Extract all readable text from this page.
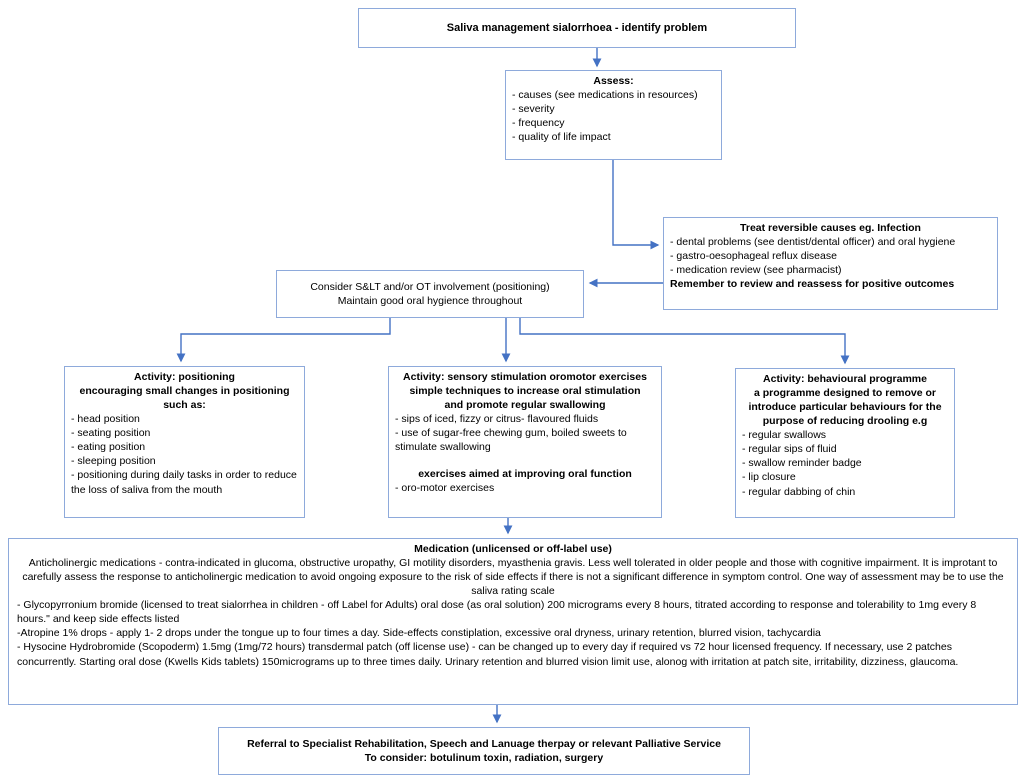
Saliva management sialorrhoea - identify problem
Assess:
- causes (see medications in resources)
- severity
- frequency
- quality of life impact
Treat reversible causes eg. Infection
- dental problems (see dentist/dental officer) and oral hygiene
- gastro-oesophageal reflux disease
- medication review (see pharmacist)
Remember to review and reassess for positive outcomes
Consider S&LT and/or OT involvement (positioning)
Maintain good oral hygience throughout
Activity: positioning
encouraging small changes in positioning
such as:
- head position
- seating position
- eating position
- sleeping position
- positioning during daily tasks in order to reduce the loss of saliva from the mouth
Activity: sensory stimulation oromotor exercises
simple techniques to increase oral stimulation
and promote regular swallowing
- sips of iced, fizzy or citrus- flavoured fluids
- use of sugar-free chewing gum, boiled sweets to stimulate swallowing
exercises aimed at improving oral function
- oro-motor exercises
Activity: behavioural programme
a programme designed to remove or
introduce particular behaviours for the
purpose of reducing drooling e.g
- regular swallows
- regular sips of fluid
- swallow reminder badge
- lip closure
- regular dabbing of chin
Medication (unlicensed or off-label use)
Anticholinergic medications - contra-indicated in glucoma, obstructive uropathy, GI motility disorders, myasthenia gravis. Less well tolerated in older people and those with cognitive impairment. It is improtant to carefully assess the response to anticholinergic medication to avoid ongoing exposure to the risk of side effects if there is not a significant difference in symptom control. One way of assessment may be to use the saliva rating scale
- Glycopyrronium bromide (licensed to treat sialorrhea in children - off Label for Adults) oral dose (as oral solution) 200 micrograms every 8 hours, titrated according to response and tolerability to 1mg every 8 hours." and keep side effects listed
-Atropine 1% drops - apply 1- 2 drops under the tongue up to four times a day. Side-effects constiplation, excessive oral dryness, urinary retention, blurred vision, tachycardia
- Hysocine Hydrobromide (Scopoderm) 1.5mg (1mg/72 hours) transdermal patch (off license use) - can be changed up to every day if required vs 72 hour licensed frequency. If necessary, use 2 patches concurrently. Starting oral dose (Kwells Kids tablets) 150micrograms up to three times daily. Urinary retention and blurred vision limit use, alonog with irritation at patch site, irritability, dizziness, glaucoma.
Referral to Specialist Rehabilitation, Speech and Lanuage therpay or relevant Palliative Service
To consider: botulinum toxin, radiation, surgery
